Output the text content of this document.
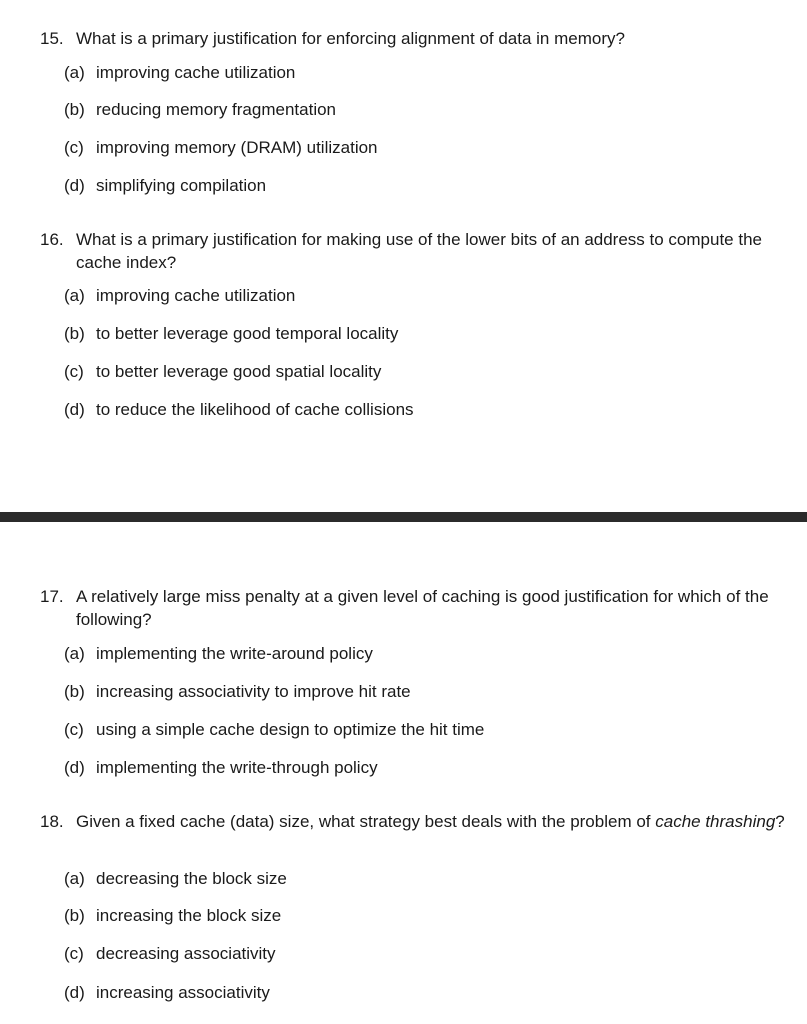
15. What is a primary justification for enforcing alignment of data in memory?
(a) improving cache utilization
(b) reducing memory fragmentation
(c) improving memory (DRAM) utilization
(d) simplifying compilation
16. What is a primary justification for making use of the lower bits of an address to compute the cache index?
(a) improving cache utilization
(b) to better leverage good temporal locality
(c) to better leverage good spatial locality
(d) to reduce the likelihood of cache collisions
17. A relatively large miss penalty at a given level of caching is good justification for which of the following?
(a) implementing the write-around policy
(b) increasing associativity to improve hit rate
(c) using a simple cache design to optimize the hit time
(d) implementing the write-through policy
18. Given a fixed cache (data) size, what strategy best deals with the problem of cache thrashing?
(a) decreasing the block size
(b) increasing the block size
(c) decreasing associativity
(d) increasing associativity
